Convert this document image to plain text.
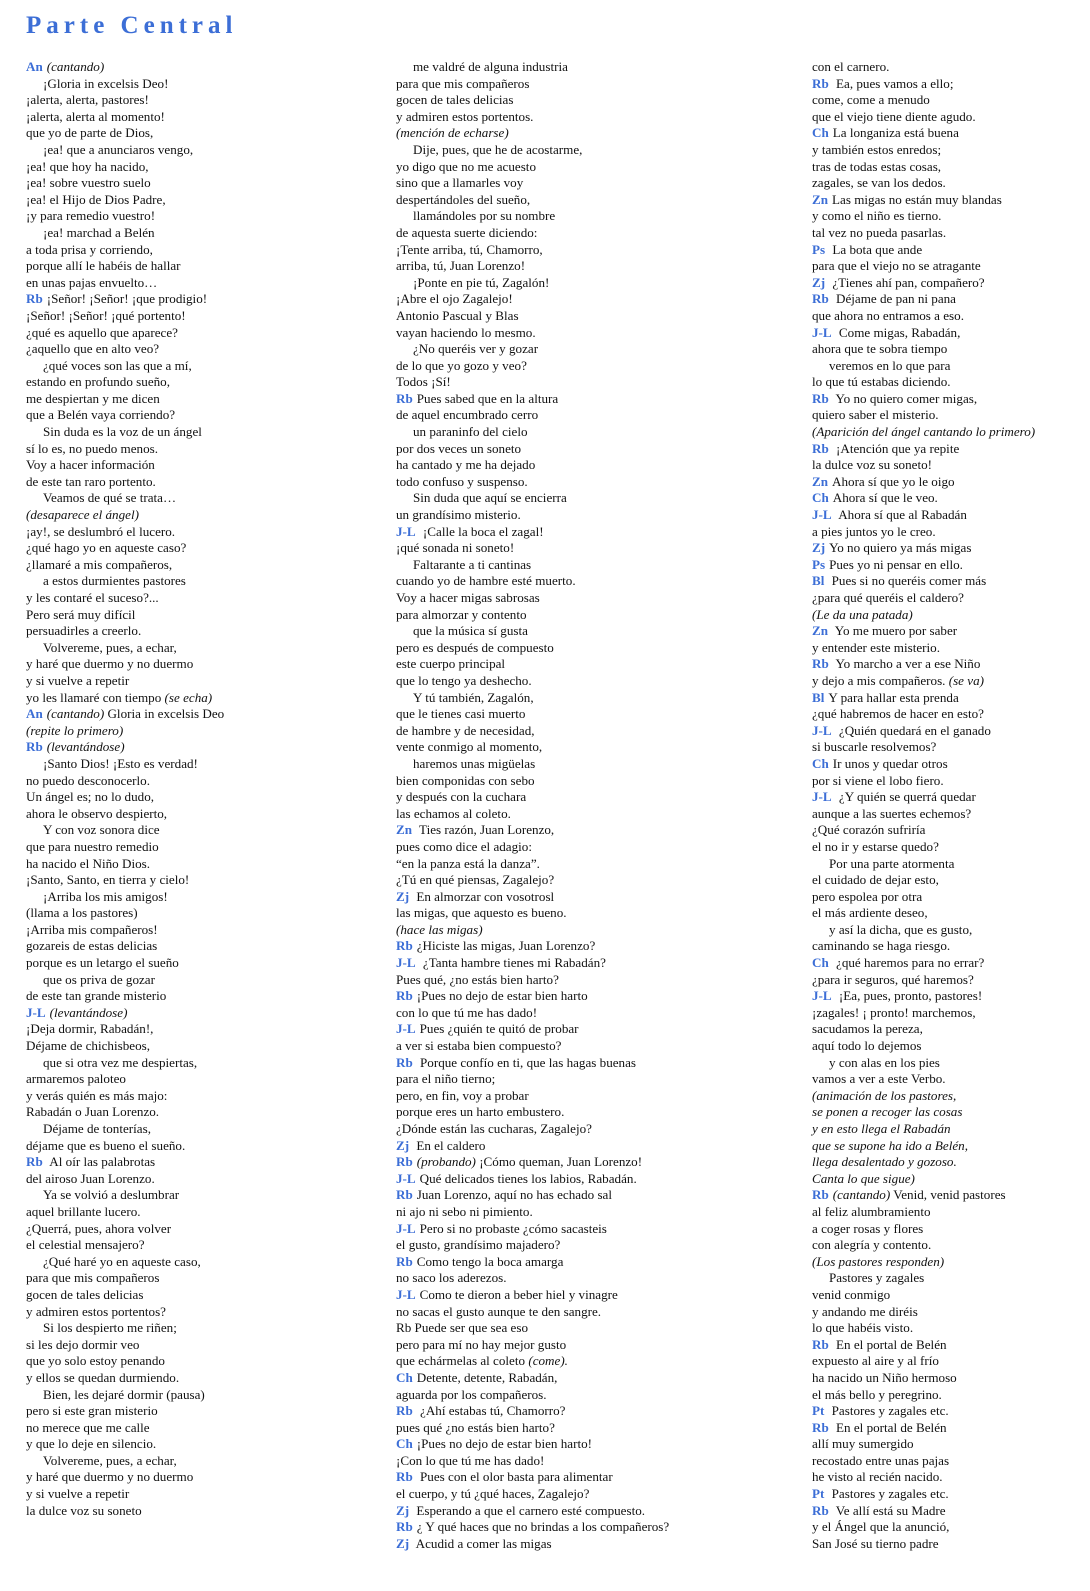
Parte Central
An (cantando)
¡Gloria in excelsis Deo!
¡alerta, alerta, pastores!
¡alerta, alerta al momento!
que yo de parte de Dios,
¡ea! que a anunciaros vengo,
¡ea! que hoy ha nacido,
¡ea! sobre vuestro suelo
¡ea! el Hijo de Dios Padre,
¡y para remedio vuestro!
¡ea! marchad a Belén
a toda prisa y corriendo,
porque allí le habéis de hallar
en unas pajas envuelto…
Rb ¡Señor! ¡Señor! ¡que prodigio!
¡Señor! ¡Señor! ¡qué portento!
¿qué es aquello que aparece?
¿aquello que en alto veo?
¿qué voces son las que a mí,
estando en profundo sueño,
me despiertan y me dicen
que a Belén vaya corriendo?
Sin duda es la voz de un ángel
sí lo es, no puedo menos.
Voy a hacer información
de este tan raro portento.
Veamos de qué se trata…
(desaparece el ángel)
¡ay!, se deslumbró el lucero.
¿qué hago yo en aqueste caso?
¿llamaré a mis compañeros,
a estos durmientes pastores
y les contaré el suceso?...
Pero será muy difícil
persuadirles a creerlo.
Volvereme, pues, a echar,
y haré que duermo y no duermo
y si vuelve a repetir
yo les llamaré con tiempo (se echa)
An (cantando) Gloria in excelsis Deo
(repite lo primero)
Rb (levantándose)
¡Santo Dios! ¡Esto es verdad!
no puedo desconocerlo.
Un ángel es; no lo dudo,
ahora le observo despierto,
Y con voz sonora dice
que para nuestro remedio
ha nacido el Niño Dios.
¡Santo, Santo, en tierra y cielo!
¡Arriba los mis amigos!
(llama a los pastores)
¡Arriba mis compañeros!
gozareis de estas delicias
porque es un letargo el sueño
que os priva de gozar
de este tan grande misterio
J-L (levantándose)
¡Deja dormir, Rabadán!,
Déjame de chichisbeos,
que si otra vez me despiertas,
armaremos paloteo
y verás quién es más majo:
Rabadán o Juan Lorenzo.
Déjame de tonterías,
déjame que es bueno el sueño.
Rb Al oír las palabrotas
del airoso Juan Lorenzo.
Ya se volvió a deslumbrar
aquel brillante lucero.
¿Querrá, pues, ahora volver
el celestial mensajero?
¿Qué haré yo en aqueste caso,
para que mis compañeros
gocen de tales delicias
y admiren estos portentos?
Si los despierto me riñen;
si les dejo dormir veo
que yo solo estoy penando
y ellos se quedan durmiendo.
Bien, les dejaré dormir (pausa)
pero si este gran misterio
no merece que me calle
y que lo deje en silencio.
Volvereme, pues, a echar,
y haré que duermo y no duermo
y si vuelve a repetir
la dulce voz su soneto
me valdré de alguna industria
para que mis compañeros
gocen de tales delicias
y admiren estos portentos.
(mención de echarse)
Dije, pues, que he de acostarme,
yo digo que no me acuesto
sino que a llamarles voy
despertándoles del sueño,
llamándoles por su nombre
de aquesta suerte diciendo:
¡Tente arriba, tú, Chamorro,
arriba, tú, Juan Lorenzo!
¡Ponte en pie tú, Zagalón!
¡Abre el ojo Zagalejo!
Antonio Pascual y Blas
vayan haciendo lo mesmo.
¿No queréis ver y gozar
de lo que yo gozo y veo?
Todos ¡Sí!
Rb Pues sabed que en la altura
de aquel encumbrado cerro
un paraninfo del cielo
por dos veces un soneto
ha cantado y me ha dejado
todo confuso y suspenso.
Sin duda que aquí se encierra
un grandísimo misterio.
J-L ¡Calle la boca el zagal!
¡qué sonada ni soneto!
Faltarante a ti cantinas
cuando yo de hambre esté muerto.
Voy a hacer migas sabrosas
para almorzar y contento
que la música sí gusta
pero es después de compuesto
este cuerpo principal
que lo tengo ya deshecho.
Y tú también, Zagalón,
que le tienes casi muerto
de hambre y de necesidad,
vente conmigo al momento,
haremos unas migüelas
bien componidas con sebo
y después con la cuchara
las echamos al coleto.
Zn Ties razón, Juan Lorenzo,
pues como dice el adagio:
“en la panza está la danza”.
¿Tú en qué piensas, Zagalejo?
Zj En almorzar con vosotrosl
las migas, que aquesto es bueno.
(hace las migas)
Rb ¿Hiciste las migas, Juan Lorenzo?
J-L ¿Tanta hambre tienes mi Rabadán?
Pues qué, ¿no estás bien harto?
Rb ¡Pues no dejo de estar bien harto
con lo que tú me has dado!
J-L Pues ¿quién te quitó de probar
a ver si estaba bien compuesto?
Rb Porque confío en ti, que las hagas buenas
para el niño tierno;
pero, en fin, voy a probar
porque eres un harto embustero.
¿Dónde están las cucharas, Zagalejo?
Zj En el caldero
Rb (probando) ¡Cómo queman, Juan Lorenzo!
J-L Qué delicados tienes los labios, Rabadán.
Rb Juan Lorenzo, aquí no has echado sal
ni ajo ni sebo ni pimiento.
J-L Pero si no probaste ¿cómo sacasteis
el gusto, grandísimo majadero?
Rb Como tengo la boca amarga
no saco los aderezos.
J-L Como te dieron a beber hiel y vinagre
no sacas el gusto aunque te den sangre.
Rb Puede ser que sea eso
pero para mí no hay mejor gusto
que echármelas al coleto (come).
Ch Detente, detente, Rabadán,
aguarda por los compañeros.
Rb ¿Ahí estabas tú, Chamorro?
pues qué ¿no estás bien harto?
Ch ¡Pues no dejo de estar bien harto!
¡Con lo que tú me has dado!
Rb Pues con el olor basta para alimentar
el cuerpo, y tú ¿qué haces, Zagalejo?
Zj Esperando a que el carnero esté compuesto.
Rb ¿ Y qué haces que no brindas a los compañeros?
Zj Acudid a comer las migas
con el carnero.
Rb Ea, pues vamos a ello;
come, come a menudo
que el viejo tiene diente agudo.
Ch La longaniza está buena
y también estos enredos;
tras de todas estas cosas,
zagales, se van los dedos.
Zn Las migas no están muy blandas
y como el niño es tierno.
tal vez no pueda pasarlas.
Ps La bota que ande
para que el viejo no se atragante
Zj ¿Tienes ahí pan, compañero?
Rb Déjame de pan ni pana
que ahora no entramos a eso.
J-L Come migas, Rabadán,
ahora que te sobra tiempo
veremos en lo que para
lo que tú estabas diciendo.
Rb Yo no quiero comer migas,
quiero saber el misterio.
(Aparición del ángel cantando lo primero)
Rb ¡Atención que ya repite
la dulce voz su soneto!
Zn Ahora sí que yo le oigo
Ch Ahora sí que le veo.
J-L Ahora sí que al Rabadán
a pies juntos yo le creo.
Zj Yo no quiero ya más migas
Ps Pues yo ni pensar en ello.
Bl Pues si no queréis comer más
¿para qué queréis el caldero?
(Le da una patada)
Zn Yo me muero por saber
y entender este misterio.
Rb Yo marcho a ver a ese Niño
y dejo a mis compañeros. (se va)
Bl Y para hallar esta prenda
¿qué habremos de hacer en esto?
J-L ¿Quién quedará en el ganado
si buscarle resolvemos?
Ch Ir unos y quedar otros
por si viene el lobo fiero.
J-L ¿Y quién se querrá quedar
aunque a las suertes echemos?
¿Qué corazón sufriría
el no ir y estarse quedo?
Por una parte atormenta
el cuidado de dejar esto,
pero espolea por otra
el más ardiente deseo,
y así la dicha, que es gusto,
caminando se haga riesgo.
Ch ¿qué haremos para no errar?
¿para ir seguros, qué haremos?
J-L ¡Ea, pues, pronto, pastores!
¡zagales! ¡ pronto! marchemos,
sacudamos la pereza,
aquí todo lo dejemos
y con alas en los pies
vamos a ver a este Verbo.
(animación de los pastores,
se ponen a recoger las cosas
y en esto llega el Rabadán
que se supone ha ido a Belén,
llega desalentado y gozoso.
Canta lo que sigue)
Rb (cantando) Venid, venid pastores
al feliz alumbramiento
a coger rosas y flores
con alegría y contento.
(Los pastores responden)
Pastores y zagales
venid conmigo
y andando me diréis
lo que habéis visto.
Rb En el portal de Belén
expuesto al aire y al frío
ha nacido un Niño hermoso
el más bello y peregrino.
Pt Pastores y zagales etc.
Rb En el portal de Belén
allí muy sumergido
recostado entre unas pajas
he visto al recién nacido.
Pt Pastores y zagales etc.
Rb Ve allí está su Madre
y el Ángel que la anunció,
San José su tierno padre
